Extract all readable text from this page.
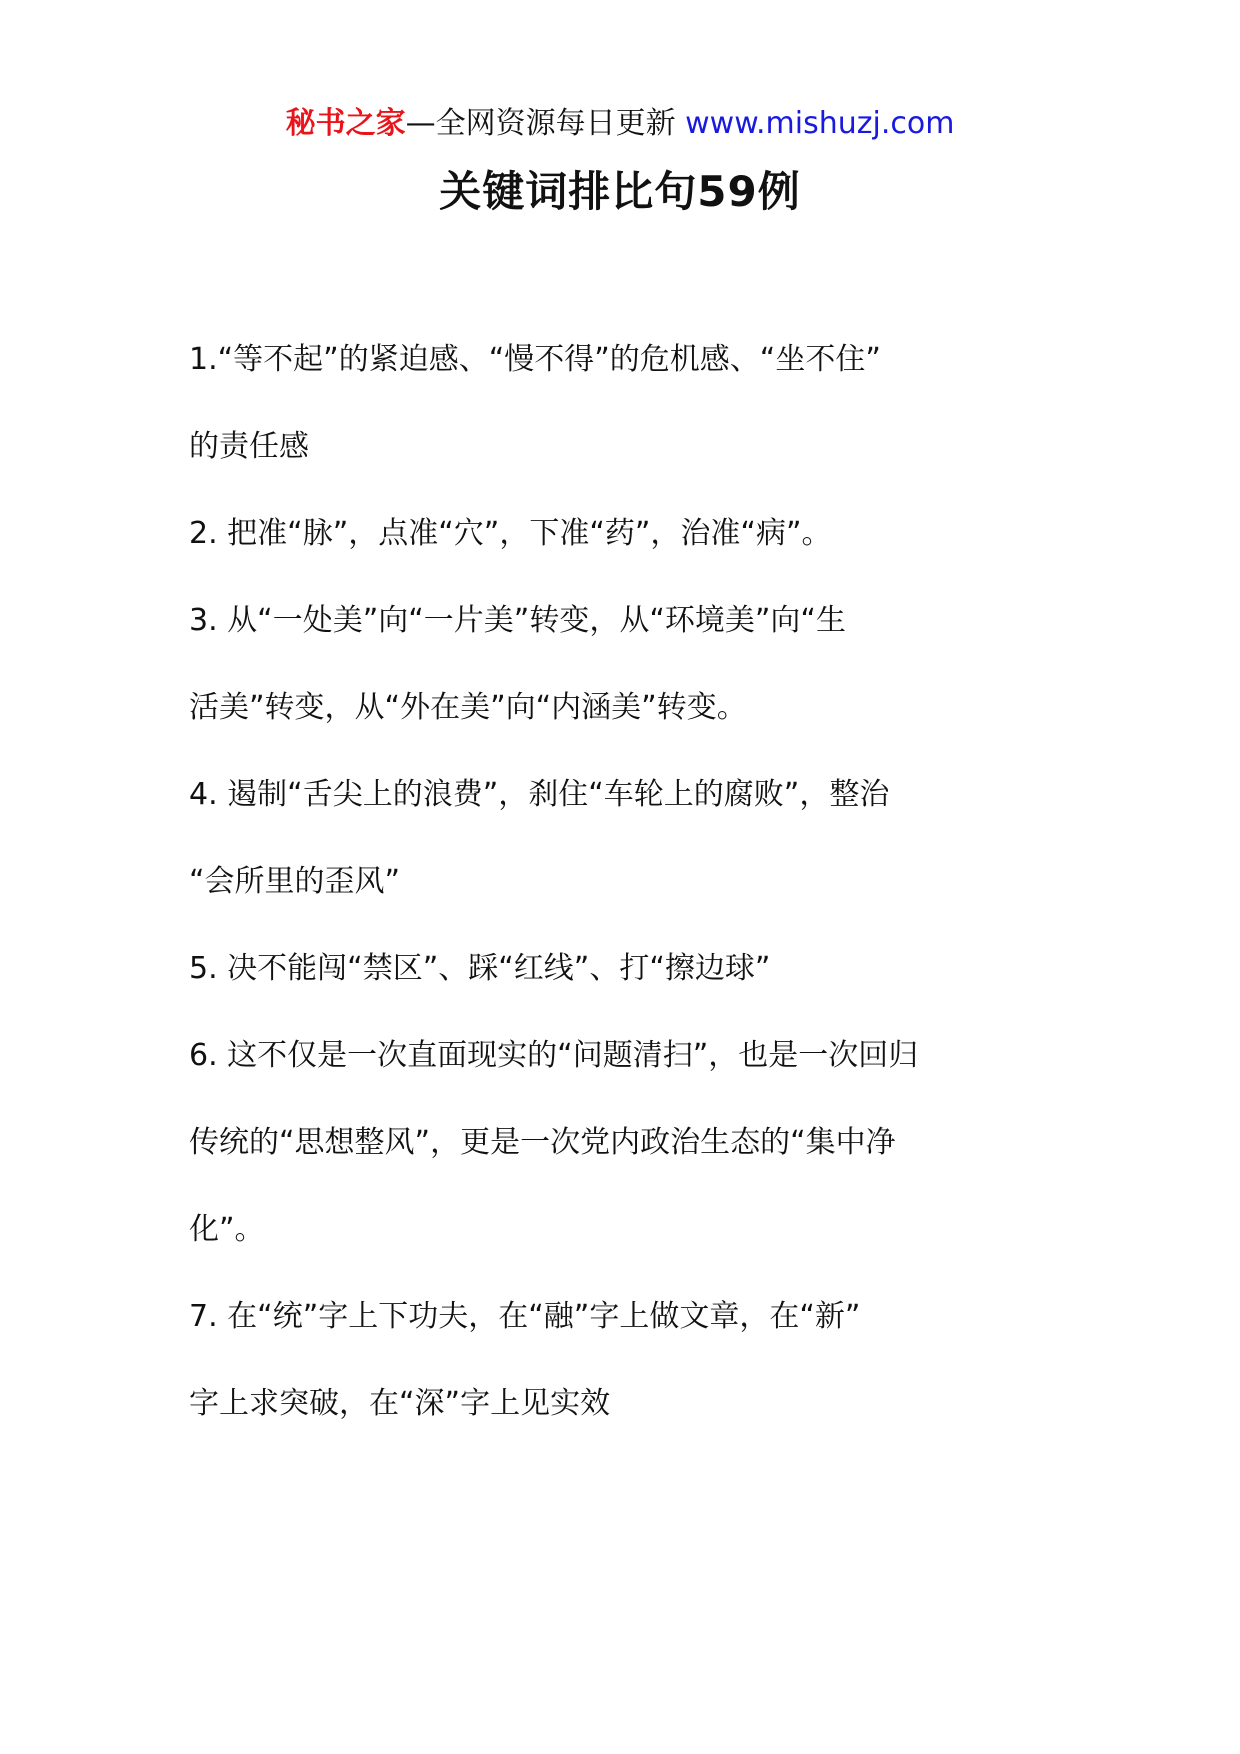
秘书之家—全网资源每日更新 www.mishuzj.com
关键词排比句59例
1.“等不起”的紧迫感、“慢不得”的危机感、“坐不住”
的责任感
2. 把准“脉”，点准“穴”，下准“药”，治准“病”。
3. 从“一处美”向“一片美”转变，从“环境美”向“生
活美”转变，从“外在美”向“内涵美”转变。
4. 遏制“舌尖上的浪费”，刹住“车轮上的腐败”，整治
“会所里的歪风”
5. 决不能闯“禁区”、踩“红线”、打“擦边球”
6. 这不仅是一次直面现实的“问题清扫”，也是一次回归
传统的“思想整风”，更是一次党内政治生态的“集中净
化”。
7. 在“统”字上下功夫，在“融”字上做文章，在“新”
字上求突破，在“深”字上见实效
